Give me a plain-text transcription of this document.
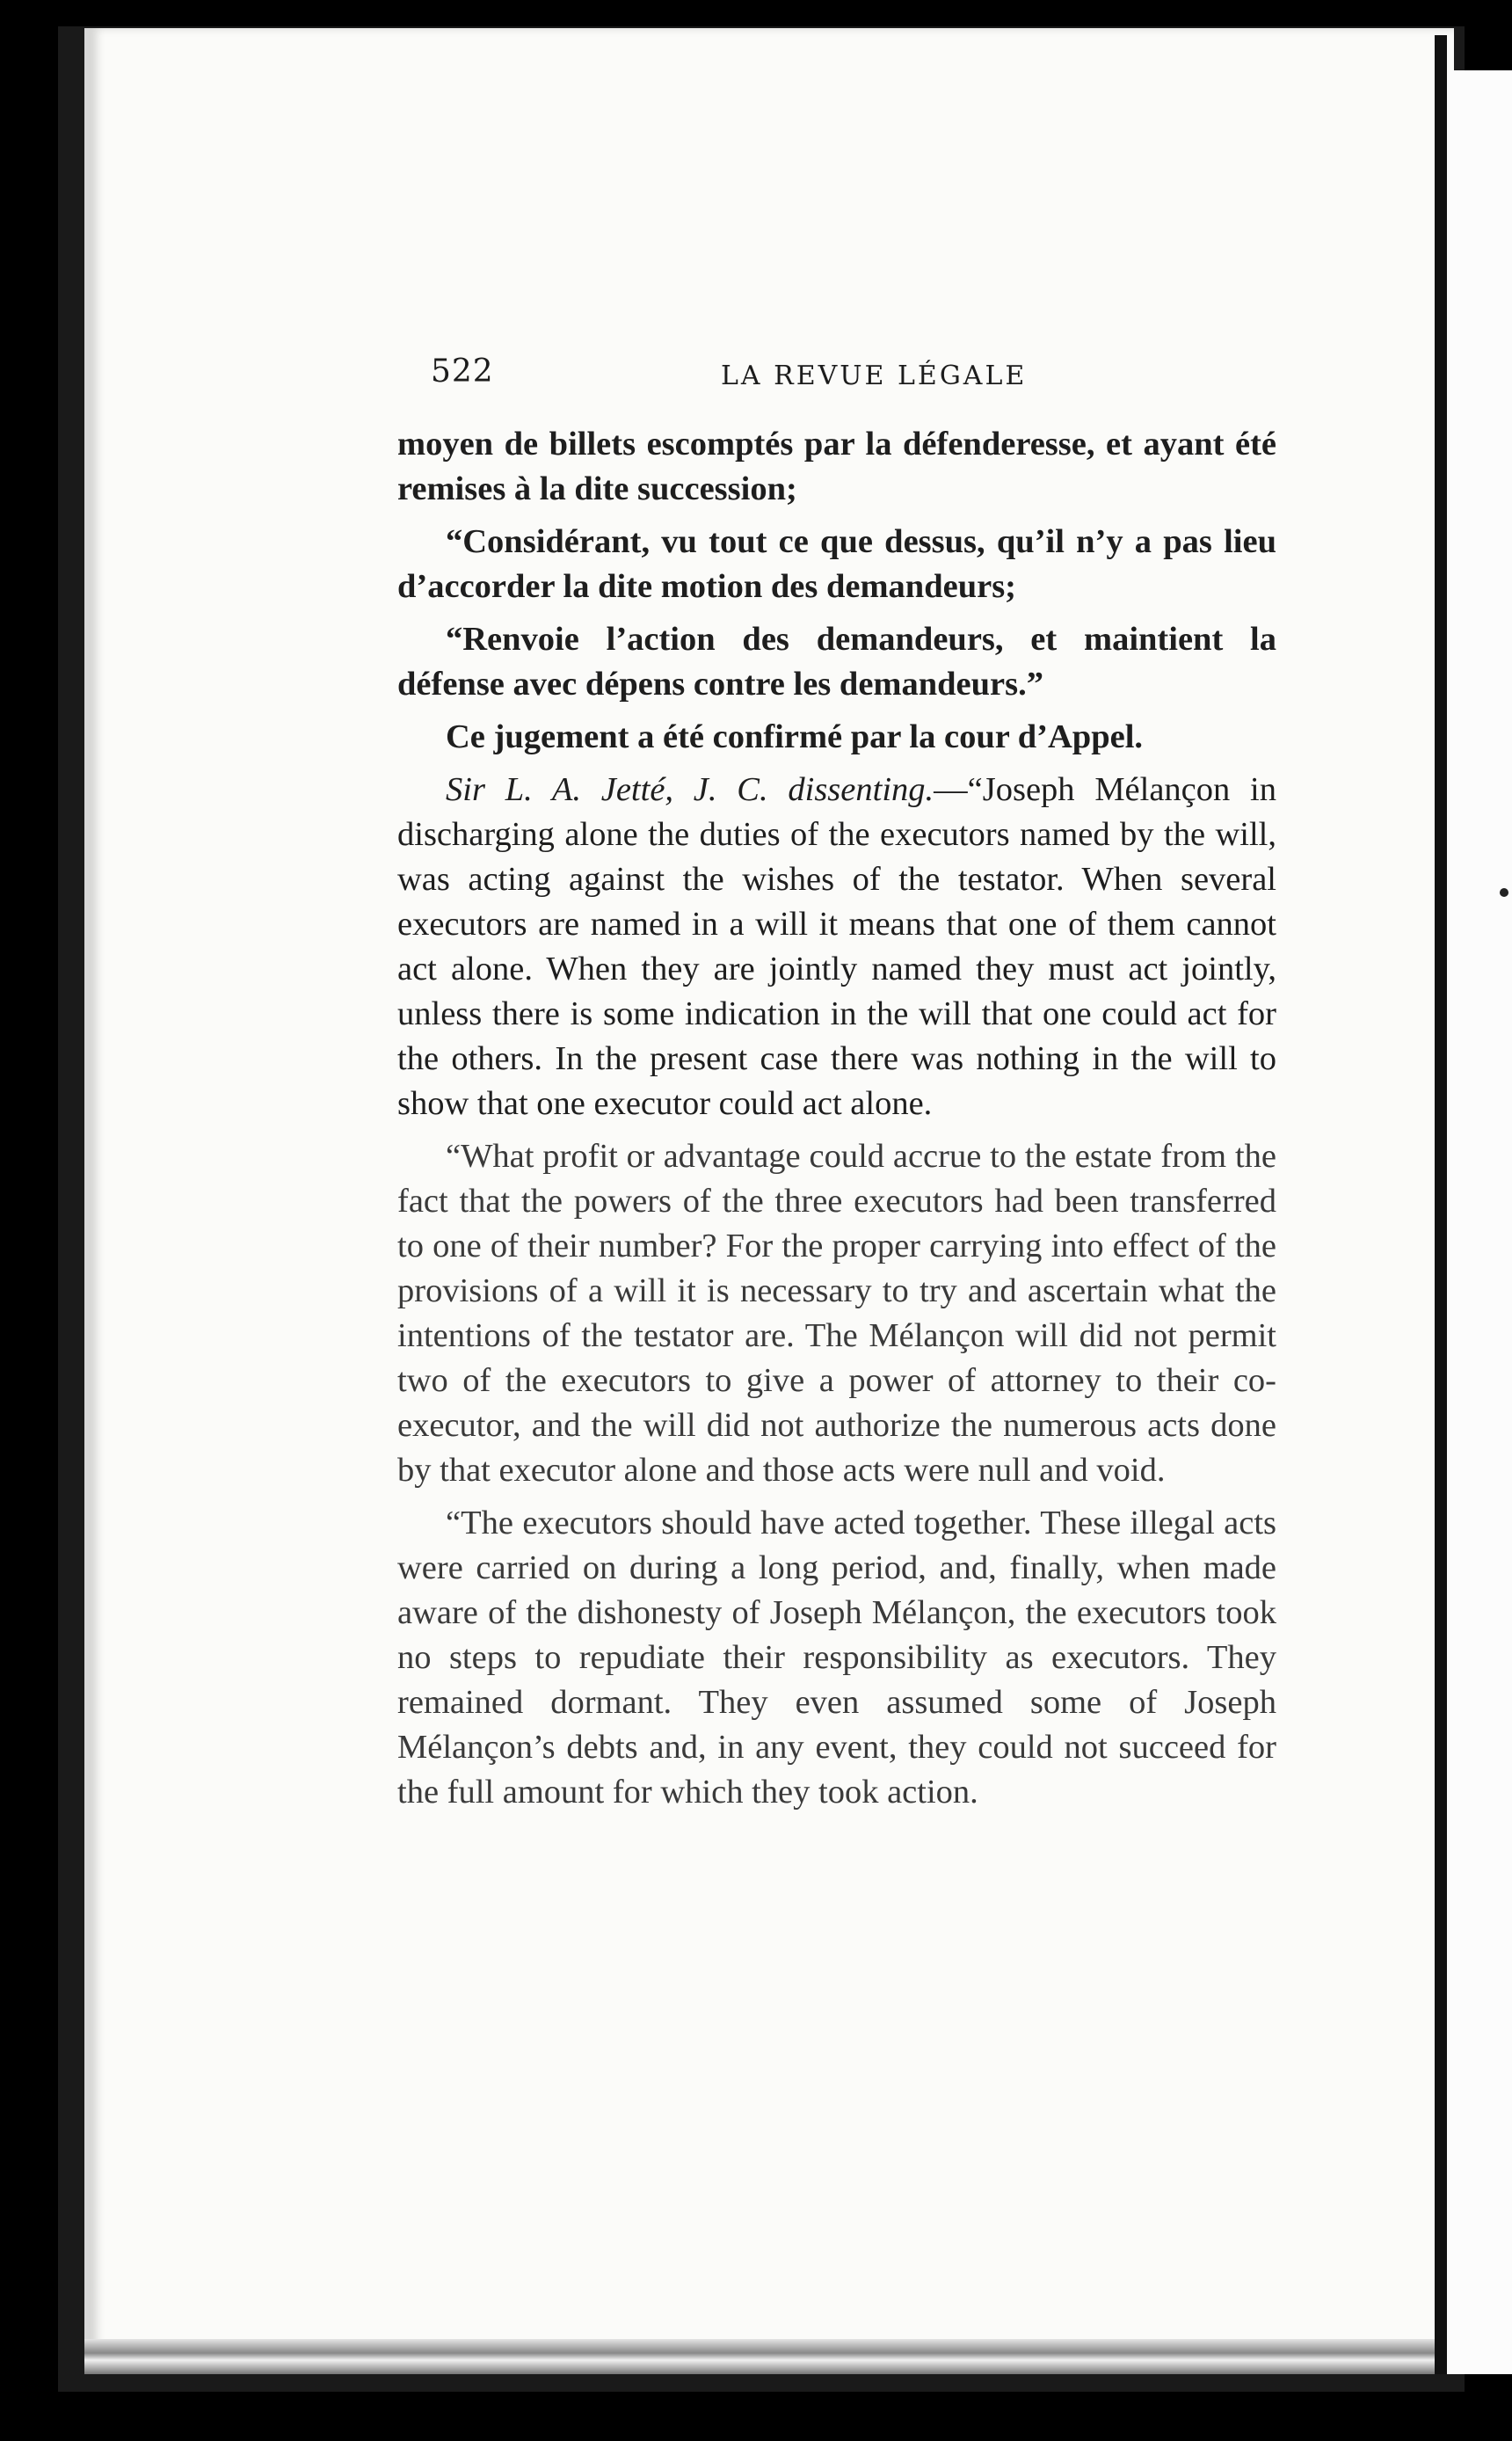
522	LA REVUE LÉGALE

moyen de billets escomptés par la défenderesse, et ayant été remises à la dite succession;

“Considérant, vu tout ce que dessus, qu’il n’y a pas lieu d’accorder la dite motion des demandeurs;

“Renvoie l’action des demandeurs, et maintient la défense avec dépens contre les demandeurs.”

Ce jugement a été confirmé par la cour d’Appel.

Sir L. A. Jetté, J. C. dissenting.—“Joseph Mélançon in discharging alone the duties of the executors named by the will, was acting against the wishes of the testator. When several executors are named in a will it means that one of them cannot act alone. When they are jointly named they must act jointly, unless there is some indication in the will that one could act for the others. In the present case there was nothing in the will to show that one executor could act alone.

“What profit or advantage could accrue to the estate from the fact that the powers of the three executors had been transferred to one of their number? For the proper carrying into effect of the provisions of a will it is necessary to try and ascertain what the intentions of the testator are. The Mélançon will did not permit two of the executors to give a power of attorney to their co-executor, and the will did not authorize the numerous acts done by that executor alone and those acts were null and void.

“The executors should have acted together. These illegal acts were carried on during a long period, and, finally, when made aware of the dishonesty of Joseph Mélançon, the executors took no steps to repudiate their responsibility as executors. They remained dormant. They even assumed some of Joseph Mélançon’s debts and, in any event, they could not succeed for the full amount for which they took action.
